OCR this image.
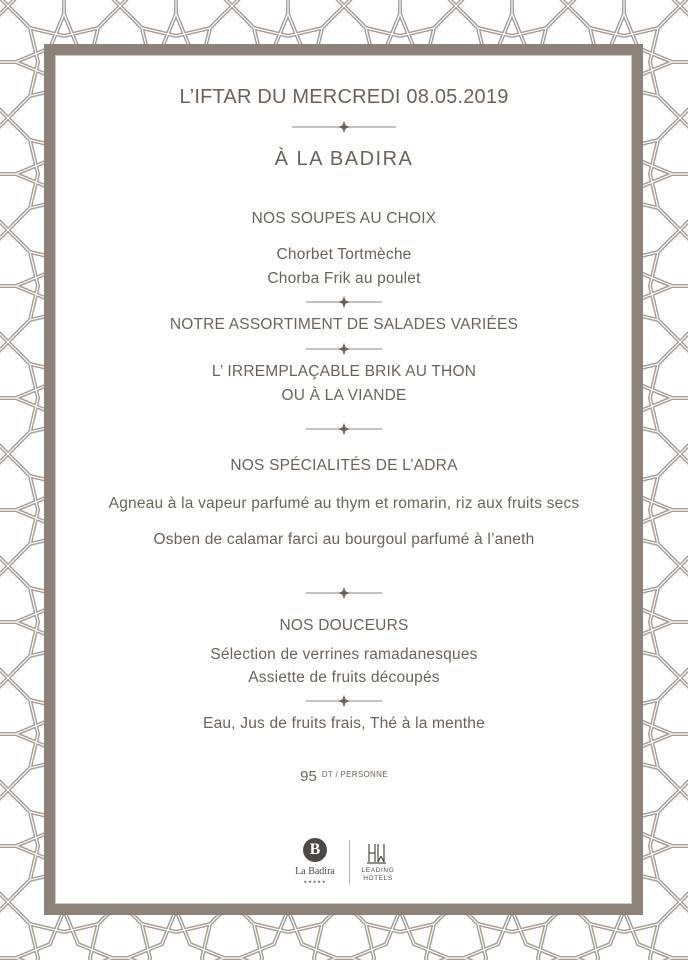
L’IFTAR DU MERCREDI 08.05.2019
À LA BADIRA
NOS SOUPES AU CHOIX
Chorbet Tortmèche
Chorba Frik au poulet
NOTRE ASSORTIMENT DE SALADES VARIÉES
L’ IRREMPLAÇABLE BRIK AU THON
OU À LA VIANDE
NOS SPÉCIALITÉS DE L’ADRA
Agneau à la vapeur parfumé au thym et romarin, riz aux fruits secs
Osben de calamar farci au bourgoul parfumé à l’aneth
NOS DOUCEURS
Sélection de verrines ramadanesques
Assiette de fruits découpés
Eau, Jus de fruits frais, Thé à la menthe
95 $^{DT / PERSONNE}$
B
La Badira
★★★★★
LEADING
HOTELS
